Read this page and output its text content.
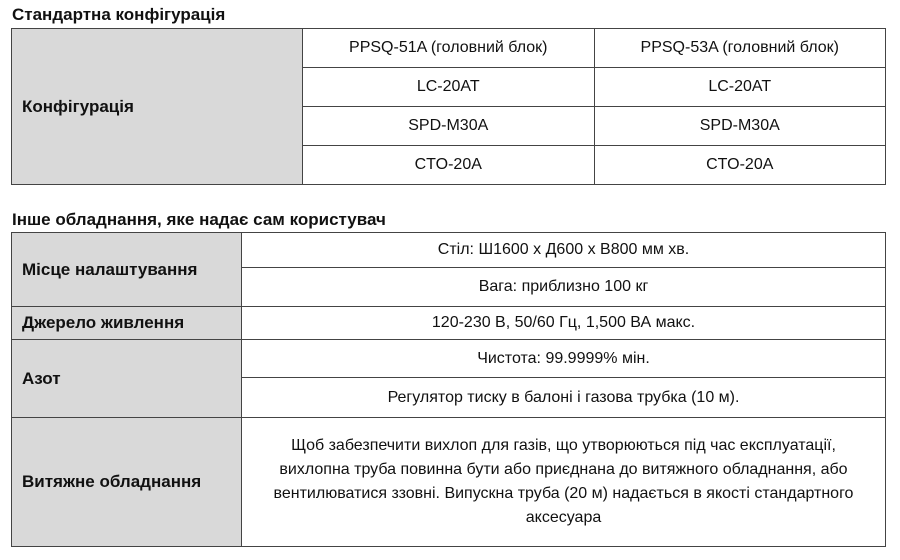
Стандартна конфігурація
Конфігурація	PPSQ-51A (головний блок)	PPSQ-53A (головний блок)
	LC-20AT	LC-20AT
	SPD-M30A	SPD-M30A
	CTO-20A	CTO-20A
Інше обладнання, яке надає сам користувач
Місце налаштування	Стіл: Ш1600 x Д600 x В800 мм хв.
	Вага: приблизно 100 кг
Джерело живлення	120-230 В, 50/60 Гц, 1,500 ВА макс.
Азот	Чистота: 99.9999% мін.
	Регулятор тиску в балоні і газова трубка (10 м).
Витяжне обладнання	Щоб забезпечити вихлоп для газів, що утворюються під час експлуатації, вихлопна труба повинна бути або приєднана до витяжного обладнання, або вентилюватися ззовні. Випускна труба (20 м) надається в якості стандартного аксесуара
